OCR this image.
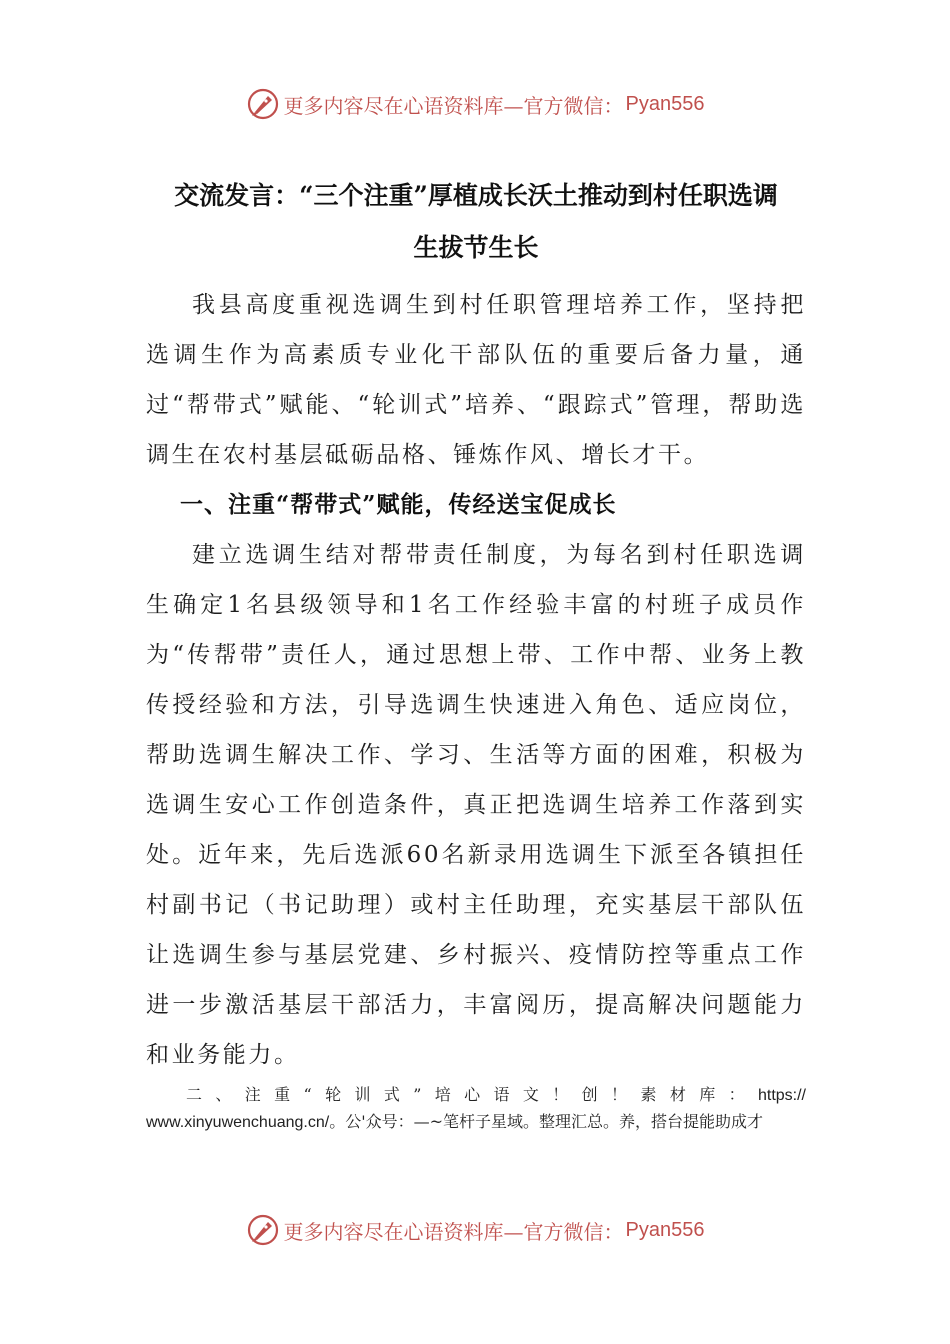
更多内容尽在心语资料库— 官方微信： Pyan556
交流发言：“三个注重”厚植成长沃土推动到村任职选调
生拔节生长

我县高度重视选调生到村任职管理培养工作，坚持把选调生作为高素质专业化干部队伍的重要后备力量，通过“帮带式”赋能、“轮训式”培养、“跟踪式”管理，帮助选调生在农村基层砥砺品格、锤炼作风、增长才干。

一、注重“帮带式”赋能，传经送宝促成长

建立选调生结对帮带责任制度，为每名到村任职选调生确定1名县级领导和1名工作经验丰富的村班子成员作为“传帮带”责任人，通过思想上带、工作中帮、业务上教传授经验和方法，引导选调生快速进入角色、适应岗位，帮助选调生解决工作、学习、生活等方面的困难，积极为选调生安心工作创造条件，真正把选调生培养工作落到实处。近年来，先后选派60名新录用选调生下派至各镇担任村副书记（书记助理）或村主任助理，充实基层干部队伍让选调生参与基层党建、乡村振兴、疫情防控等重点工作进一步激活基层干部活力，丰富阅历，提高解决问题能力和业务能力。

二、注重“轮训式”培心语文！创！素材库：https://
www.xinyuwenchuang.cn/。公'众号：—~笔杆子星域。整理汇总。养，搭台提能助成才
更多内容尽在心语资料库— 官方微信： Pyan556
